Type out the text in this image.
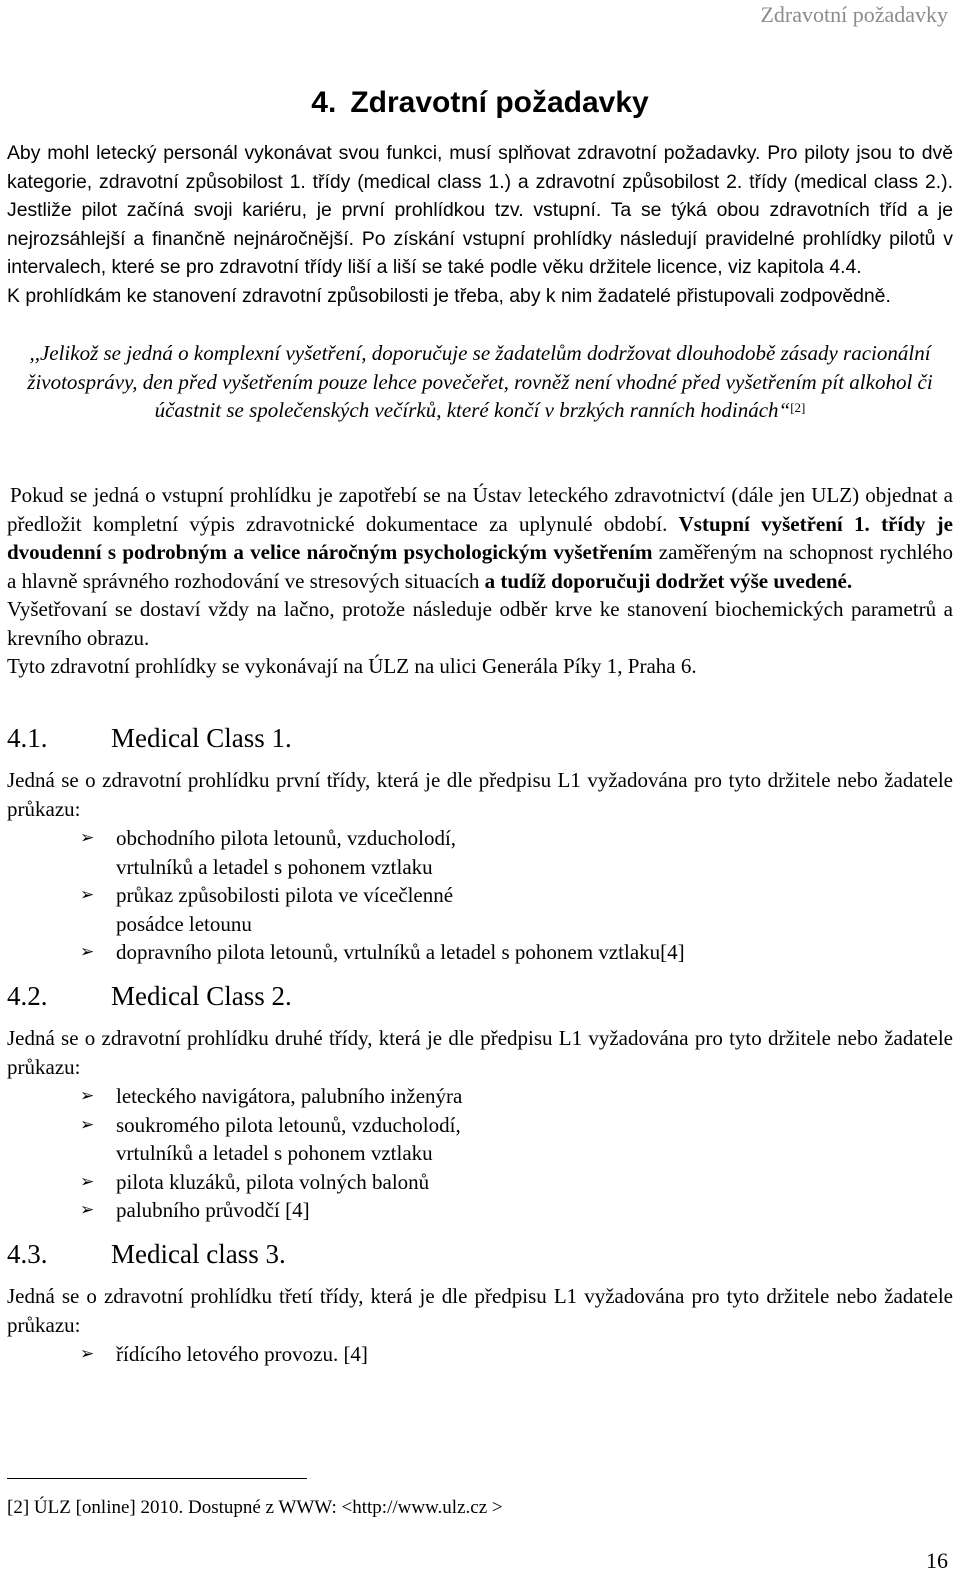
Zdravotní požadavky
4. Zdravotní požadavky

Aby mohl letecký personál vykonávat svou funkci, musí splňovat zdravotní požadavky. Pro piloty jsou to dvě kategorie, zdravotní způsobilost 1. třídy (medical class 1.) a zdravotní způsobilost 2. třídy (medical class 2.). Jestliže pilot začíná svoji kariéru, je první prohlídkou tzv. vstupní. Ta se týká obou zdravotních tříd a je nejrozsáhlejší a finančně nejnáročnější. Po získání vstupní prohlídky následují pravidelné prohlídky pilotů v intervalech, které se pro zdravotní třídy liší a liší se také podle věku držitele licence, viz kapitola 4.4.

K prohlídkám ke stanovení zdravotní způsobilosti je třeba, aby k nim žadatelé přistupovali zodpovědně.

,,Jelikož se jedná o komplexní vyšetření, doporučuje se žadatelům dodržovat dlouhodobě zásady racionální životosprávy, den před vyšetřením pouze lehce povečeřet, rovněž není vhodné před vyšetřením pít alkohol či účastnit se společenských večírků, které končí v brzkých ranních hodinách“[2]

Pokud se jedná o vstupní prohlídku je zapotřebí se na Ústav leteckého zdravotnictví (dále jen ULZ) objednat a předložit kompletní výpis zdravotnické dokumentace za uplynulé období. Vstupní vyšetření 1. třídy je dvoudenní s podrobným a velice náročným psychologickým vyšetřením zaměřeným na schopnost rychlého a hlavně správného rozhodování ve stresových situacích a tudíž doporučuji dodržet výše uvedené.

Vyšetřovaní se dostaví vždy na lačno, protože následuje odběr krve ke stanovení biochemických parametrů a krevního obrazu.

Tyto zdravotní prohlídky se vykonávají na ÚLZ na ulici Generála Píky 1, Praha 6.

4.1. Medical Class 1.
Jedná se o zdravotní prohlídku první třídy, která je dle předpisu L1 vyžadována pro tyto držitele nebo žadatele průkazu:
➢ obchodního pilota letounů, vzducholodí,
vrtulníků a letadel s pohonem vztlaku
➢ průkaz způsobilosti pilota ve vícečlenné
posádce letounu
➢ dopravního pilota letounů, vrtulníků a letadel s pohonem vztlaku[4]
4.2. Medical Class 2.
Jedná se o zdravotní prohlídku druhé třídy, která je dle předpisu L1 vyžadována pro tyto držitele nebo žadatele průkazu:
➢ leteckého navigátora, palubního inženýra
➢ soukromého pilota letounů, vzducholodí,
vrtulníků a letadel s pohonem vztlaku
➢ pilota kluzáků, pilota volných balonů
➢ palubního průvodčí [4]
4.3. Medical class 3.
Jedná se o zdravotní prohlídku třetí třídy, která je dle předpisu L1 vyžadována pro tyto držitele nebo žadatele průkazu:
➢ řídícího letového provozu. [4]
[2] ÚLZ [online] 2010. Dostupné z WWW: <http://www.ulz.cz >
16
